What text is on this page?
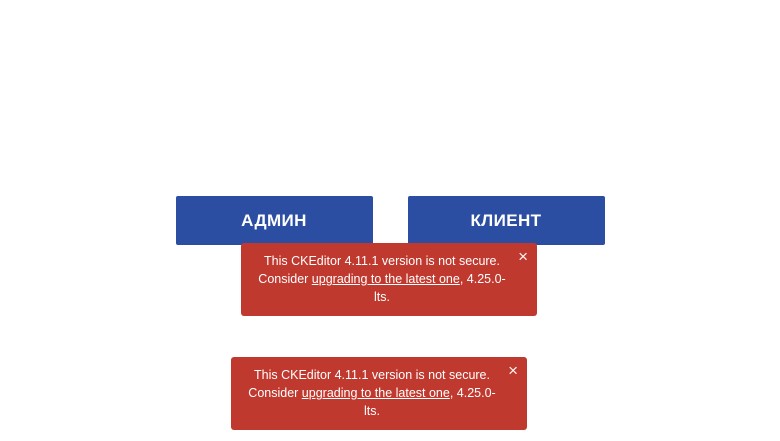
АДМИН	КЛИЕНТ
This CKEditor 4.11.1 version is not secure. Consider upgrading to the latest one, 4.25.0-lts.
×
This CKEditor 4.11.1 version is not secure. Consider upgrading to the latest one, 4.25.0-lts.
×
